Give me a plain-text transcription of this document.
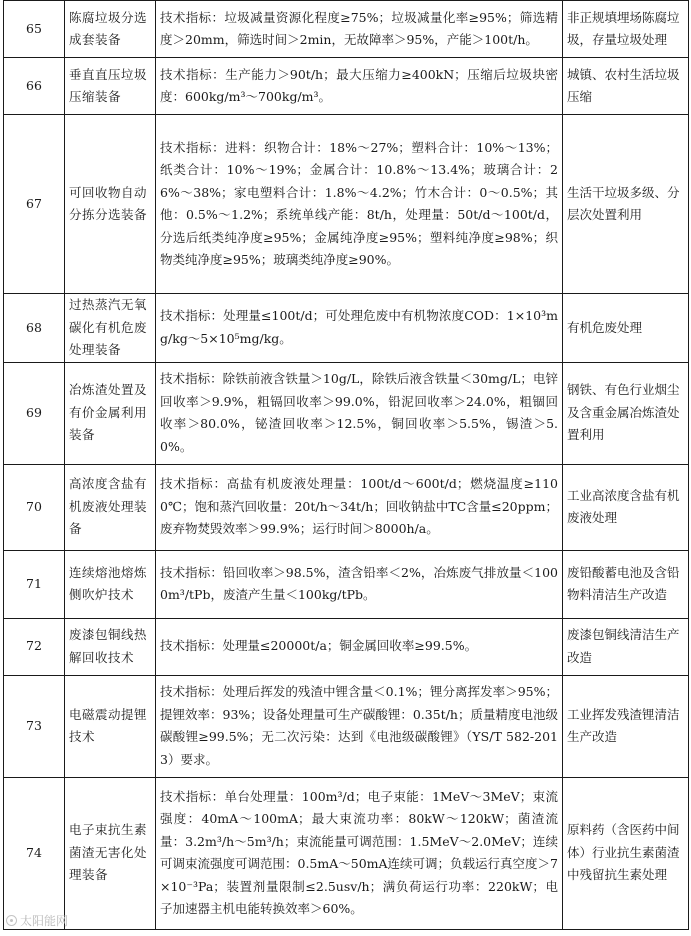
65	陈腐垃圾分选成套装备	技术指标：垃圾减量资源化程度≥75%；垃圾减量化率≥95%；筛选精度＞20mm，筛选时间＞2min，无故障率＞95%，产能＞100t/h。	非正规填埋场陈腐垃圾，存量垃圾处理
66	垂直直压垃圾压缩装备	技术指标：生产能力＞90t/h；最大压缩力≥400kN；压缩后垃圾块密度：600kg/m³～700kg/m³。	城镇、农村生活垃圾压缩
67	可回收物自动分拣分选装备	技术指标：进料：织物合计：18%～27%；塑料合计：10%～13%；纸类合计：10%～19%；金属合计：10.8%～13.4%；玻璃合计：26%～38%；家电塑料合计：1.8%～4.2%；竹木合计：0～0.5%；其他：0.5%～1.2%；系统单线产能：8t/h，处理量：50t/d～100t/d，分选后纸类纯净度≥95%；金属纯净度≥95%；塑料纯净度≥98%；织物类纯净度≥95%；玻璃类纯净度≥90%。	生活干垃圾多级、分层次处置利用
68	过热蒸汽无氧碳化有机危废处理装备	技术指标：处理量≤100t/d；可处理危废中有机物浓度COD：1×10³mg/kg～5×10⁵mg/kg。	有机危废处理
69	冶炼渣处置及有价金属利用装备	技术指标：除铁前液含铁量＞10g/L，除铁后液含铁量＜30mg/L；电锌回收率＞9.9%，粗镉回收率＞99.0%，铅泥回收率＞24.0%，粗锢回收率＞80.0%，铋渣回收率＞12.5%，铜回收率＞5.5%，锡渣＞5.0%。	钢铁、有色行业烟尘及含重金属冶炼渣处置利用
70	高浓度含盐有机废液处理装备	技术指标：高盐有机废液处理量：100t/d～600t/d；燃烧温度≥1100℃；饱和蒸汽回收量：20t/h～34t/h；回收钠盐中TC含量≤20ppm；废弃物焚毁效率＞99.9%；运行时间＞8000h/a。	工业高浓度含盐有机废液处理
71	连续熔池熔炼侧吹炉技术	技术指标：铅回收率＞98.5%，渣含铅率＜2%，冶炼废气排放量＜1000m³/tPb，废渣产生量＜100kg/tPb。	废铅酸蓄电池及含铅物料清洁生产改造
72	废漆包铜线热解回收技术	技术指标：处理量≤20000t/a；铜金属回收率≥99.5%。	废漆包铜线清洁生产改造
73	电磁震动提锂技术	技术指标：处理后挥发的残渣中锂含量＜0.1%；锂分离挥发率＞95%；提锂效率：93%；设备处理量可生产碳酸锂：0.35t/h；质量精度电池级碳酸锂≥99.5%；无二次污染：达到《电池级碳酸锂》（YS/T 582-2013）要求。	工业挥发残渣锂清洁生产改造
74	电子束抗生素菌渣无害化处理装备	技术指标：单台处理量：100m³/d；电子束能：1MeV～3MeV；束流强度：40mA～100mA；最大束流功率：80kW～120kW；菌渣流量：3.2m³/h～5m³/h；束流能量可调范围：1.5MeV～2.0MeV；连续可调束流强度可调范围：0.5mA～50mA连续可调；负载运行真空度＞7×10⁻³Pa；装置剂量限制≤2.5usv/h；满负荷运行功率：220kW；电子加速器主机电能转换效率＞60%。	原料药（含医药中间体）行业抗生素菌渣中残留抗生素处理
太阳能网
